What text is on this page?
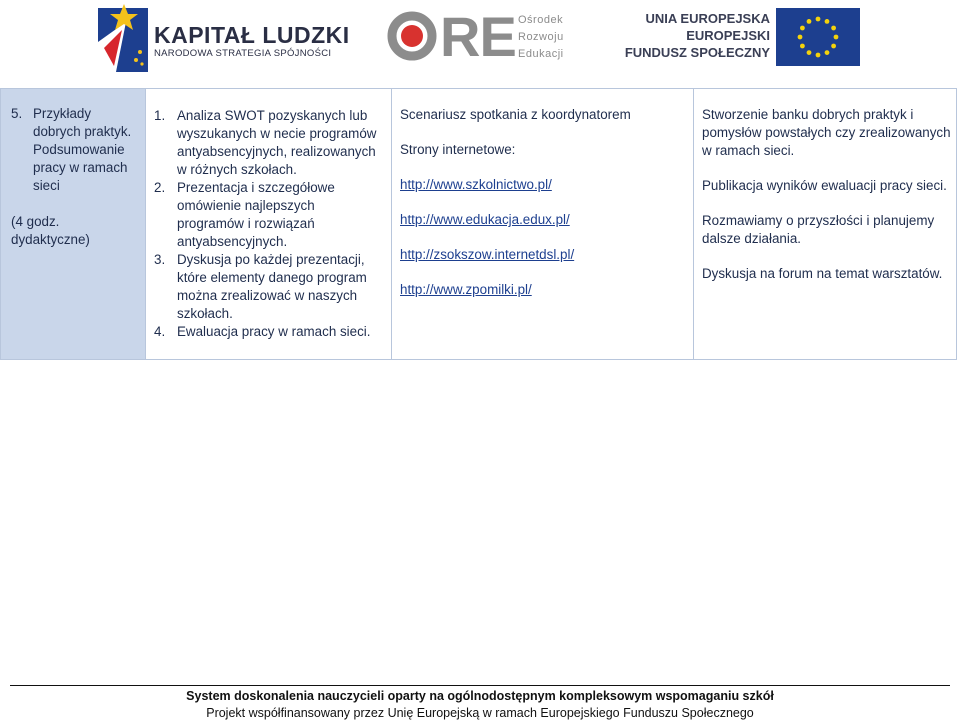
KAPITAŁ LUDZKI
NARODOWA STRATEGIA SPÓJNOŚCI RE Ośrodek
Rozwoju
Edukacji
UNIA EUROPEJSKA
EUROPEJSKI
FUNDUSZ SPOŁECZNY
5. Przykłady dobrych praktyk. Podsumowanie pracy w ramach sieci
(4 godz. dydaktyczne)
1. Analiza SWOT pozyskanych lub wyszukanych w necie programów antyabsencyjnych, realizowanych w różnych szkołach.
2. Prezentacja i szczegółowe omówienie najlepszych programów i rozwiązań antyabsencyjnych.
3. Dyskusja po każdej prezentacji, które elementy danego program można zrealizować w naszych szkołach.
4. Ewaluacja pracy w ramach sieci.

Scenariusz spotkania z koordynatorem

Strony internetowe:

http://www.szkolnictwo.pl/
http://www.edukacja.edux.pl/
http://zsokszow.internetdsl.pl/
http://www.zpomilki.pl/

Stworzenie banku dobrych praktyk i pomysłów powstałych czy zrealizowanych w ramach sieci.

Publikacja wyników ewaluacji pracy sieci.

Rozmawiamy o przyszłości i planujemy dalsze działania.

Dyskusja na forum na temat warsztatów.

System doskonalenia nauczycieli oparty na ogólnodostępnym kompleksowym wspomaganiu szkół
Projekt współfinansowany przez Unię Europejską w ramach Europejskiego Funduszu Społecznego
